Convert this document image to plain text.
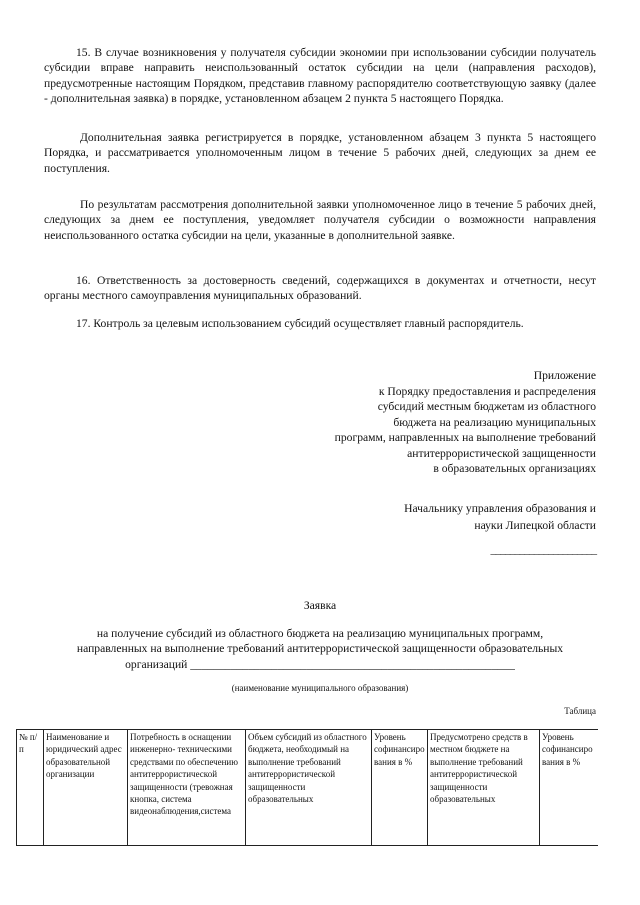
15. В случае возникновения у получателя субсидии экономии при использовании субсидии получатель субсидии вправе направить неиспользованный остаток субсидии на цели (направления расходов), предусмотренные настоящим Порядком, представив главному распорядителю соответствующую заявку (далее - дополнительная заявка) в порядке, установленном абзацем 2 пункта 5 настоящего Порядка.

Дополнительная заявка регистрируется в порядке, установленном абзацем 3 пункта 5 настоящего Порядка, и рассматривается уполномоченным лицом в течение 5 рабочих дней, следующих за днем ее поступления.

По результатам рассмотрения дополнительной заявки уполномоченное лицо в течение 5 рабочих дней, следующих за днем ее поступления, уведомляет получателя субсидии о возможности направления неиспользованного остатка субсидии на цели, указанные в дополнительной заявке.

16. Ответственность за достоверность сведений, содержащихся в документах и отчетности, несут органы местного самоуправления муниципальных образований.

17. Контроль за целевым использованием субсидий осуществляет главный распорядитель.

Приложение
к Порядку предоставления и распределения
субсидий местным бюджетам из областного
бюджета на реализацию муниципальных
программ, направленных на выполнение требований
антитеррористической защищенности
в образовательных организациях
Начальнику управления образования и
науки Липецкой области
______________________
Заявка
на получение субсидий из областного бюджета на реализацию муниципальных программ,
направленных на выполнение требований антитеррористической защищенности образовательных
организаций ________________________________________________________
(наименование муниципального образования)
Таблица
№ п/п	Наименование и юридический адрес образовательной организации	Потребность в оснащении инженерно- техническими средствами по обеспечению антитеррористической защищенности (тревожная кнопка, система видеонаблюдения,система	Объем субсидий из областного бюджета, необходимый на выполнение требований антитеррористической защищенности образовательных	Уровень софинансирования в %	Предусмотрено средств в местном бюджете на выполнение требований антитеррористической защищенности образовательных	Уровень софинансирования в %
